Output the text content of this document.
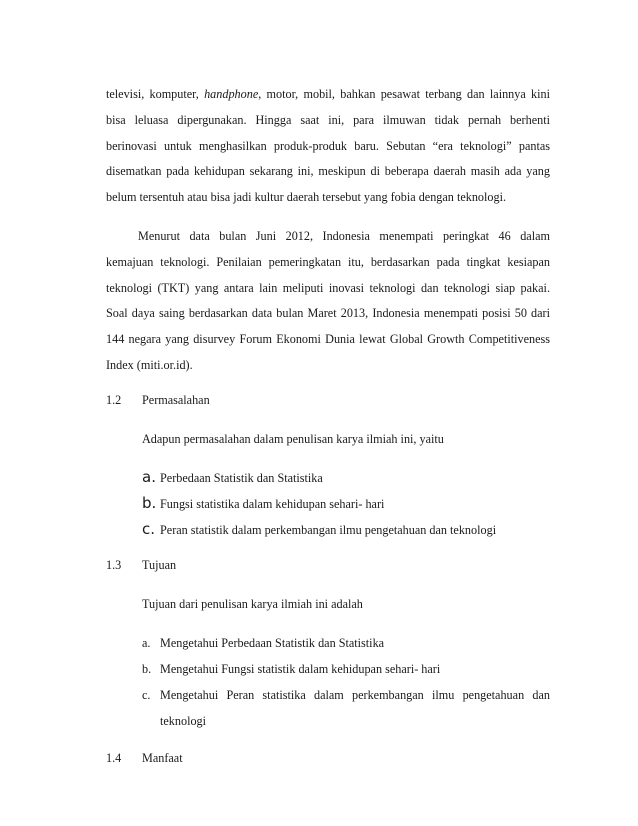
televisi, komputer, handphone, motor, mobil, bahkan pesawat terbang dan lainnya kini
bisa leluasa dipergunakan. Hingga saat ini, para ilmuwan tidak pernah berhenti
berinovasi untuk menghasilkan produk-produk baru. Sebutan “era teknologi” pantas
disematkan pada kehidupan sekarang ini, meskipun di beberapa daerah masih ada yang
belum tersentuh atau bisa jadi kultur daerah tersebut yang fobia dengan teknologi.
Menurut data bulan Juni 2012, Indonesia menempati peringkat 46 dalam
kemajuan teknologi. Penilaian pemeringkatan itu, berdasarkan pada tingkat kesiapan
teknologi (TKT) yang antara lain meliputi inovasi teknologi dan teknologi siap pakai.
Soal daya saing berdasarkan data bulan Maret 2013, Indonesia menempati posisi 50 dari
144 negara yang disurvey Forum Ekonomi Dunia lewat Global Growth Competitiveness
Index (miti.or.id).
1.2 Permasalahan
Adapun permasalahan dalam penulisan karya ilmiah ini, yaitu
a. Perbedaan Statistik dan Statistika
b. Fungsi statistika dalam kehidupan sehari- hari
c. Peran statistik dalam perkembangan ilmu pengetahuan dan teknologi
1.3 Tujuan
Tujuan dari penulisan karya ilmiah ini adalah
a. Mengetahui Perbedaan Statistik dan Statistika
b. Mengetahui Fungsi statistik dalam kehidupan sehari- hari
c. Mengetahui Peran statistika dalam perkembangan ilmu pengetahuan dan
teknologi
1.4 Manfaat
